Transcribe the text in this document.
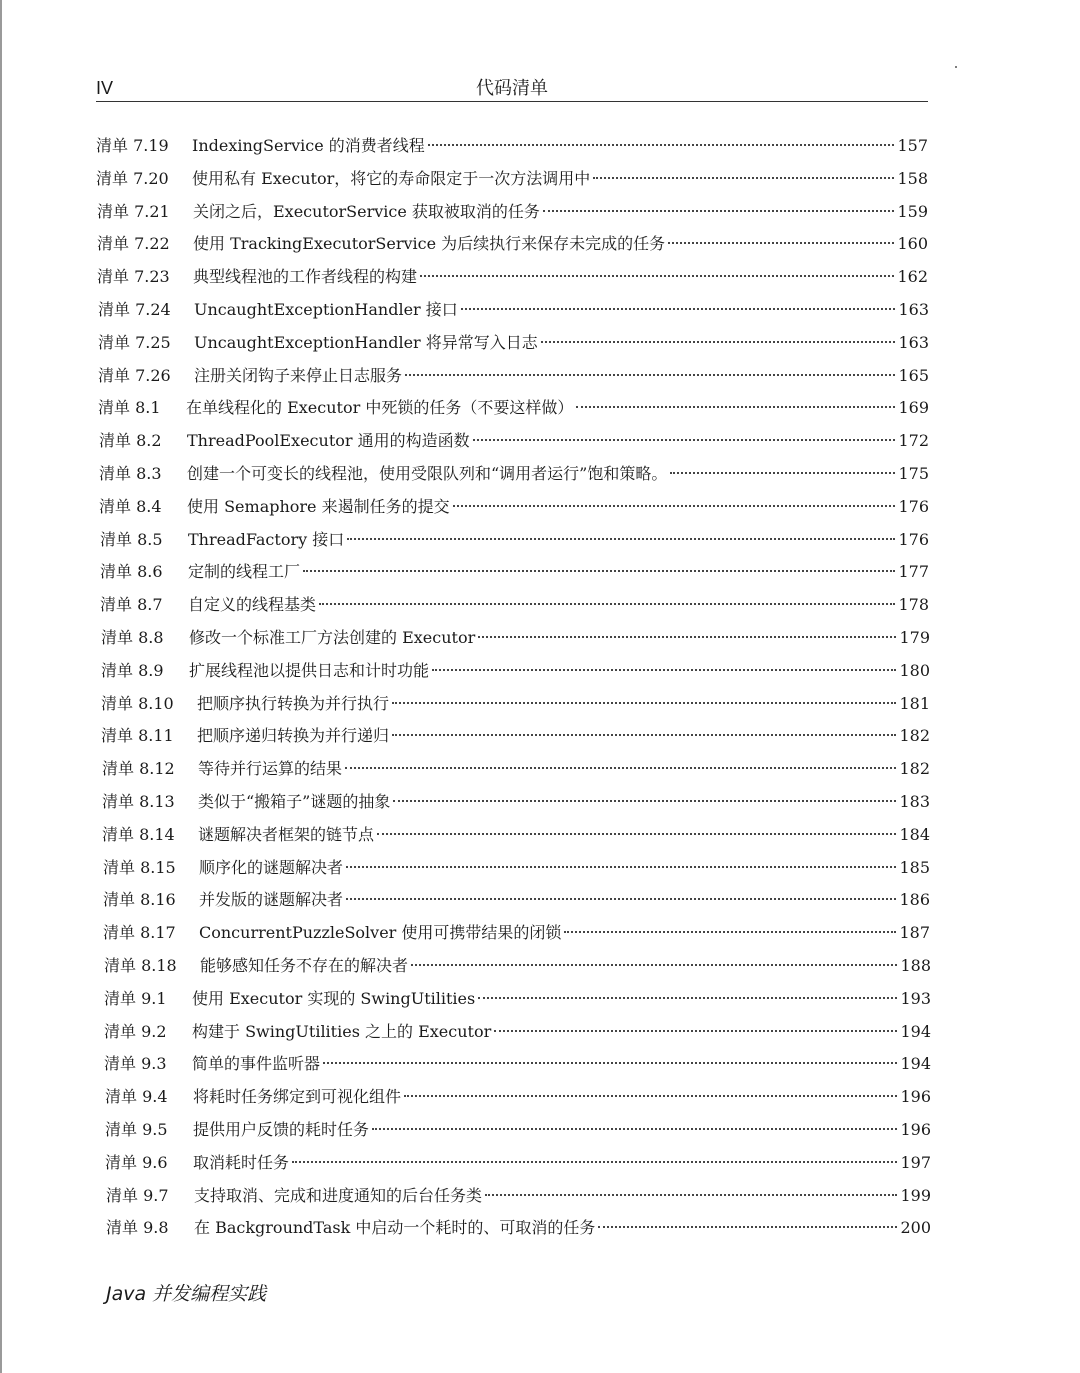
IV	代码清单
清单 7.19	IndexingService 的消费者线程	157
清单 7.20	使用私有 Executor，将它的寿命限定于一次方法调用中	158
清单 7.21	关闭之后，ExecutorService 获取被取消的任务	159
清单 7.22	使用 TrackingExecutorService 为后续执行来保存未完成的任务	160
清单 7.23	典型线程池的工作者线程的构建	162
清单 7.24	UncaughtExceptionHandler 接口	163
清单 7.25	UncaughtExceptionHandler 将异常写入日志	163
清单 7.26	注册关闭钩子来停止日志服务	165
清单 8.1	在单线程化的 Executor 中死锁的任务（不要这样做）	169
清单 8.2	ThreadPoolExecutor 通用的构造函数	172
清单 8.3	创建一个可变长的线程池，使用受限队列和“调用者运行”饱和策略。	175
清单 8.4	使用 Semaphore 来遏制任务的提交	176
清单 8.5	ThreadFactory 接口	176
清单 8.6	定制的线程工厂	177
清单 8.7	自定义的线程基类	178
清单 8.8	修改一个标准工厂方法创建的 Executor	179
清单 8.9	扩展线程池以提供日志和计时功能	180
清单 8.10	把顺序执行转换为并行执行	181
清单 8.11	把顺序递归转换为并行递归	182
清单 8.12	等待并行运算的结果	182
清单 8.13	类似于“搬箱子”谜题的抽象	183
清单 8.14	谜题解决者框架的链节点	184
清单 8.15	顺序化的谜题解决者	185
清单 8.16	并发版的谜题解决者	186
清单 8.17	ConcurrentPuzzleSolver 使用可携带结果的闭锁	187
清单 8.18	能够感知任务不存在的解决者	188
清单 9.1	使用 Executor 实现的 SwingUtilities	193
清单 9.2	构建于 SwingUtilities 之上的 Executor	194
清单 9.3	简单的事件监听器	194
清单 9.4	将耗时任务绑定到可视化组件	196
清单 9.5	提供用户反馈的耗时任务	196
清单 9.6	取消耗时任务	197
清单 9.7	支持取消、完成和进度通知的后台任务类	199
清单 9.8	在 BackgroundTask 中启动一个耗时的、可取消的任务	200
Java 并发编程实践
